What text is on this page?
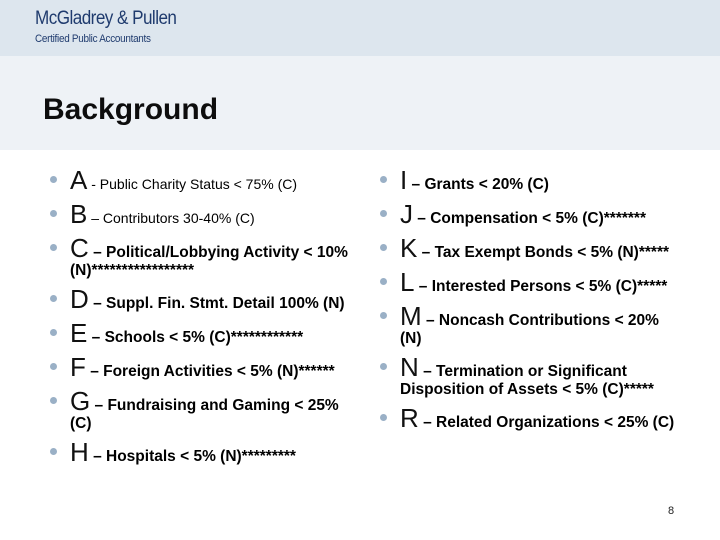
McGladrey & Pullen
Certified Public Accountants
Background
A - Public Charity Status < 75% (C)
B – Contributors 30-40% (C)
C – Political/Lobbying Activity < 10% (N)*****************
D – Suppl. Fin. Stmt. Detail 100% (N)
E – Schools < 5% (C)************
F – Foreign Activities < 5% (N)******
G – Fundraising and Gaming < 25% (C)
H – Hospitals < 5% (N)*********
I – Grants < 20% (C)
J – Compensation < 5% (C)*******
K – Tax Exempt Bonds < 5% (N)*****
L – Interested Persons < 5% (C)*****
M – Noncash Contributions < 20% (N)
N – Termination or Significant Disposition of Assets < 5% (C)*****
R – Related Organizations < 25% (C)
8
